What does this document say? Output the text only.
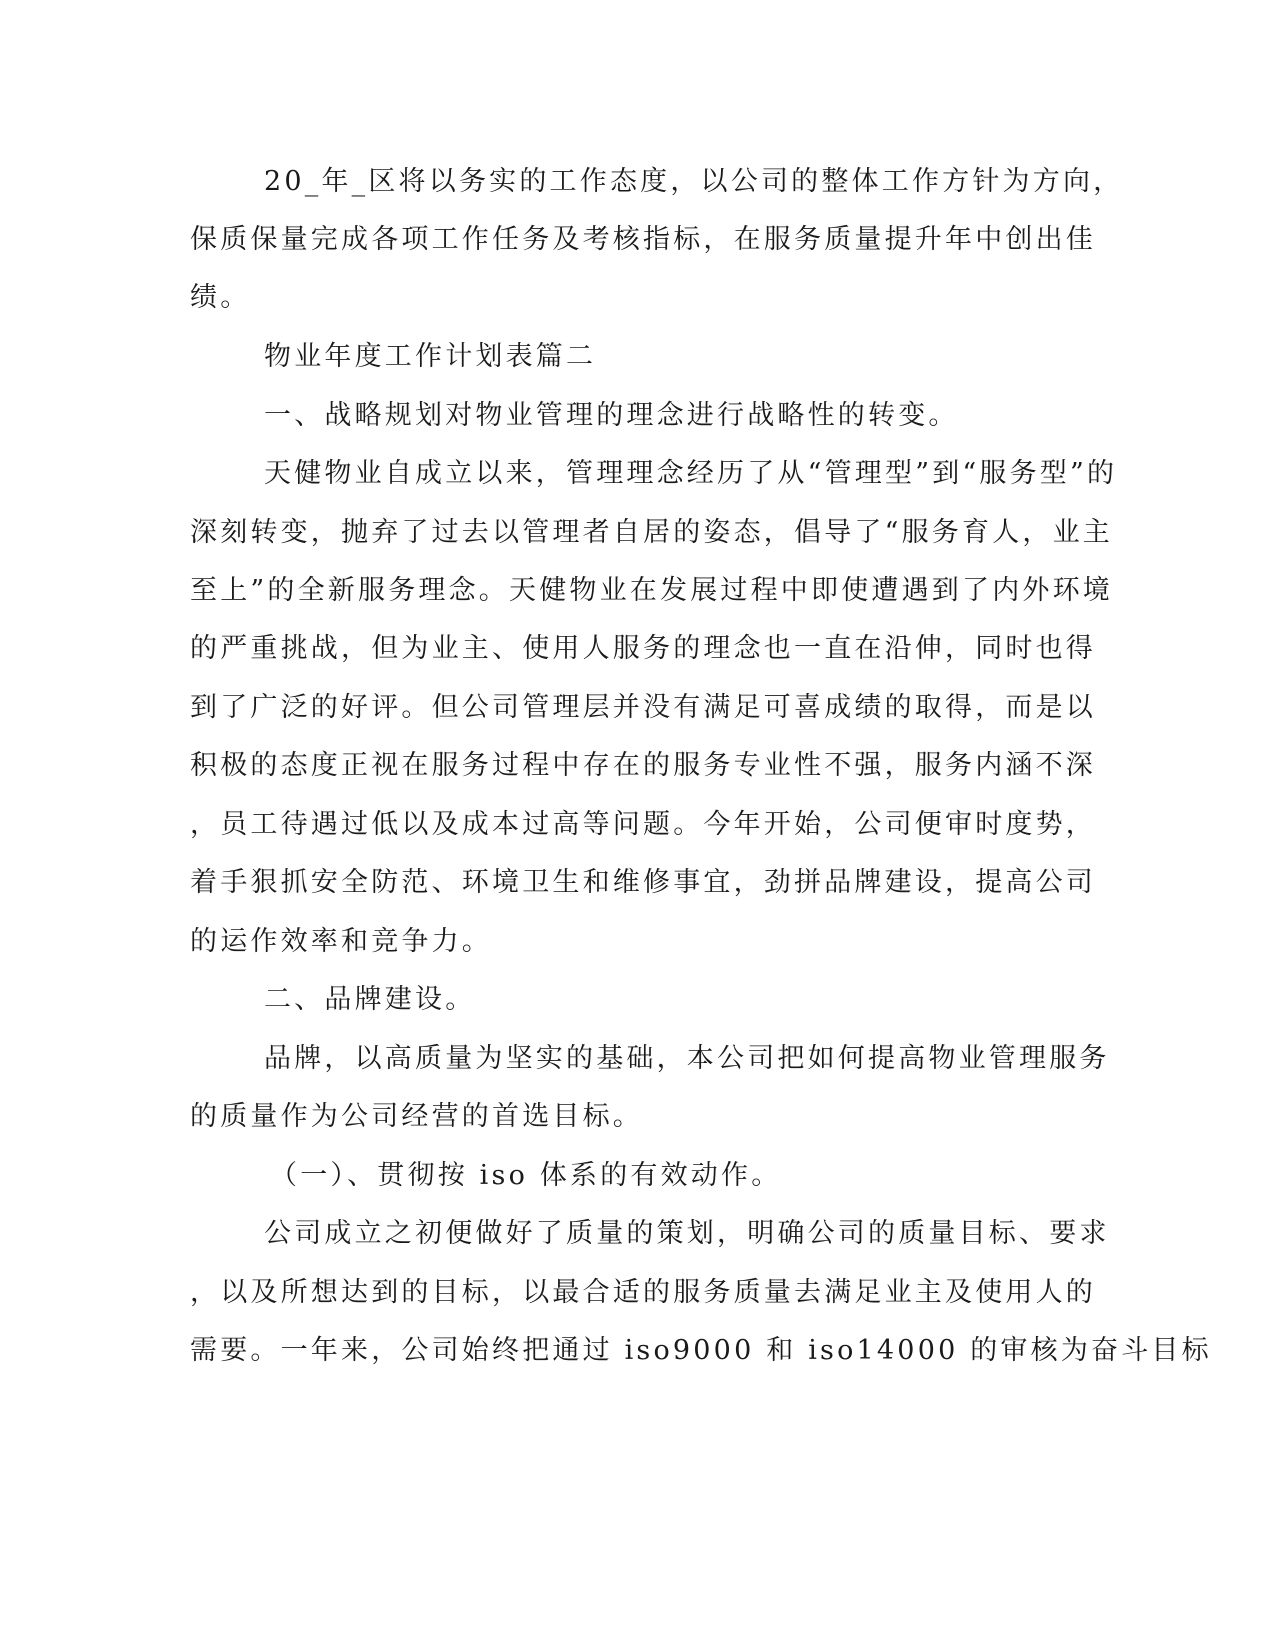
20_年_区将以务实的工作态度，以公司的整体工作方针为方向，
保质保量完成各项工作任务及考核指标，在服务质量提升年中创出佳
绩。
物业年度工作计划表篇二
一、战略规划对物业管理的理念进行战略性的转变。
天健物业自成立以来，管理理念经历了从“管理型”到“服务型”的
深刻转变，抛弃了过去以管理者自居的姿态，倡导了“服务育人，业主
至上”的全新服务理念。天健物业在发展过程中即使遭遇到了内外环境
的严重挑战，但为业主、使用人服务的理念也一直在沿伸，同时也得
到了广泛的好评。但公司管理层并没有满足可喜成绩的取得，而是以
积极的态度正视在服务过程中存在的服务专业性不强，服务内涵不深
，员工待遇过低以及成本过高等问题。今年开始，公司便审时度势，
着手狠抓安全防范、环境卫生和维修事宜，劲拼品牌建设，提高公司
的运作效率和竞争力。
二、品牌建设。
品牌，以高质量为坚实的基础，本公司把如何提高物业管理服务
的质量作为公司经营的首选目标。
（一）、贯彻按 iso 体系的有效动作。
公司成立之初便做好了质量的策划，明确公司的质量目标、要求
，以及所想达到的目标，以最合适的服务质量去满足业主及使用人的
需要。一年来，公司始终把通过 iso9000 和 iso14000 的审核为奋斗目标
